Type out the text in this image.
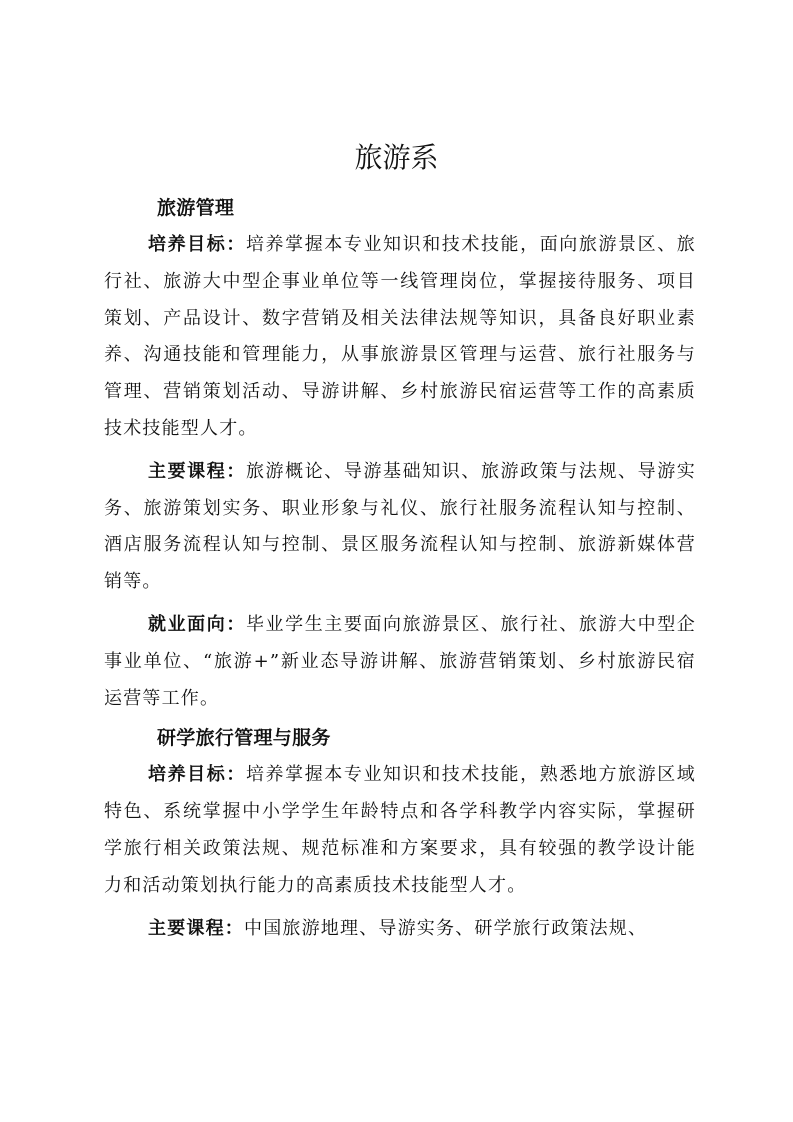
旅游系
旅游管理

培养目标：培养掌握本专业知识和技术技能，面向旅游景区、旅行社、旅游大中型企事业单位等一线管理岗位，掌握接待服务、项目策划、产品设计、数字营销及相关法律法规等知识，具备良好职业素养、沟通技能和管理能力，从事旅游景区管理与运营、旅行社服务与管理、营销策划活动、导游讲解、乡村旅游民宿运营等工作的高素质技术技能型人才。

主要课程：旅游概论、导游基础知识、旅游政策与法规、导游实务、旅游策划实务、职业形象与礼仪、旅行社服务流程认知与控制、酒店服务流程认知与控制、景区服务流程认知与控制、旅游新媒体营销等。

就业面向：毕业学生主要面向旅游景区、旅行社、旅游大中型企事业单位、“旅游+”新业态导游讲解、旅游营销策划、乡村旅游民宿运营等工作。

研学旅行管理与服务

培养目标：培养掌握本专业知识和技术技能，熟悉地方旅游区域特色、系统掌握中小学学生年龄特点和各学科教学内容实际，掌握研学旅行相关政策法规、规范标准和方案要求，具有较强的教学设计能力和活动策划执行能力的高素质技术技能型人才。

主要课程：中国旅游地理、导游实务、研学旅行政策法规、
